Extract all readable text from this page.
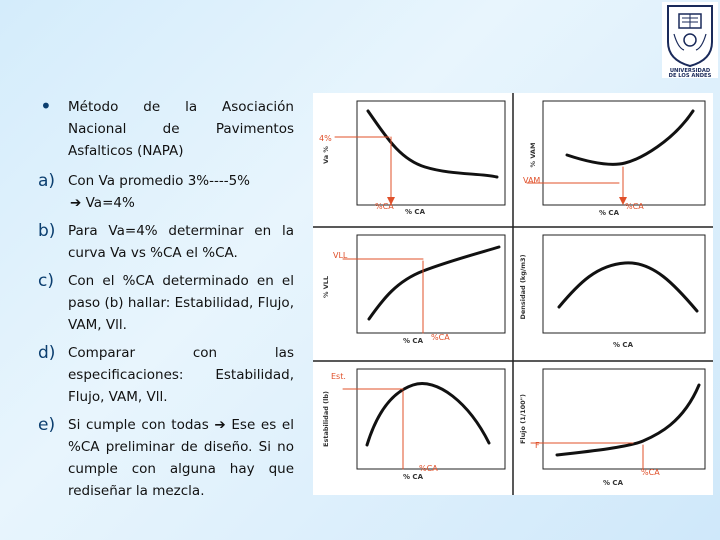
UNIVERSIDAD
DE LOS ANDES
• Método de la Asociación Nacional de Pavimentos Asfalticos (NAPA)
a) Con Va promedio 3%----5%
➔ Va=4%
b) Para Va=4% determinar en la curva Va vs %CA el %CA.
c) Con el %CA determinado en el paso (b) hallar: Estabilidad, Flujo, VAM, Vll.
d) Comparar con las especificaciones: Estabilidad, Flujo, VAM, Vll.
e) Si cumple con todas ➔ Ese es el %CA preliminar de diseño. Si no cumple con alguna hay que rediseñar la mezcla.
4%
%CA
% CA
Va %
VAM
%CA
% CA
% VAM
VLL
%CA
% CA
% VLL
% CA
Densidad (kg/m3)
Est.
%CA
% CA
Estabilidad (lb)	F
%CA
% CA
Flujo (1/100")
